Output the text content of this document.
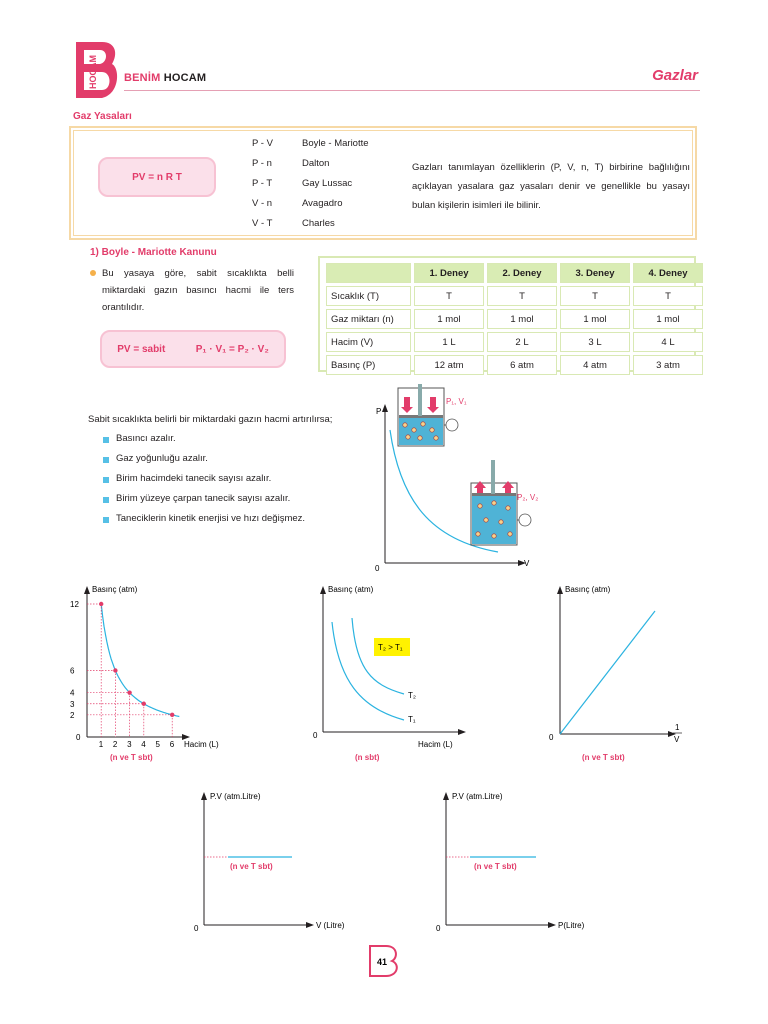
HOCAM BENİM HOCAM	Gazlar
Gaz Yasaları
PV = n R T
P - V	Boyle - Mariotte
P - n	Dalton
P - T	Gay Lussac
V - n	Avagadro
V - T	Charles
Gazları tanımlayan özelliklerin (P, V, n, T) birbirine bağlılığını açıklayan yasalara gaz yasaları denir ve genellikle bu yasayı bulan kişilerin isimleri ile bilinir.
1) Boyle - Mariotte Kanunu
Bu yasaya göre, sabit sıcaklıkta belli miktardaki gazın basıncı hacmi ile ters orantılıdır.
PV = sabit	P₁ · V₁ = P₂ · V₂
	1. Deney	2. Deney	3. Deney	4. Deney
Sıcaklık (T)	T	T	T	T
Gaz miktarı (n)	1 mol	1 mol	1 mol	1 mol
Hacim (V)	1 L	2 L	3 L	4 L
Basınç (P)	12 atm	6 atm	4 atm	3 atm
Sabit sıcaklıkta belirli bir miktardaki gazın hacmi artırılırsa;
Basıncı azalır.
Gaz yoğunluğu azalır.
Birim hacimdeki tanecik sayısı azalır.
Birim yüzeye çarpan tanecik sayısı azalır.
Taneciklerin kinetik enerjisi ve hızı değişmez.
P
V
0
P₁, V₁
P₂, V₂
Basınç (atm)
Hacim (L)
0
(n ve T sbt)
1 2 3 4 5 6
12
6
4
3
2
Basınç (atm)
Hacim (L)
0
T₁
T₂
T₂ > T₁
(n sbt)
Basınç (atm)
1
V
0
(n ve T sbt)
P.V (atm.Litre)
V (Litre)
0
(n ve T sbt)
P.V (atm.Litre)
P(Litre)
0
(n ve T sbt)
41
